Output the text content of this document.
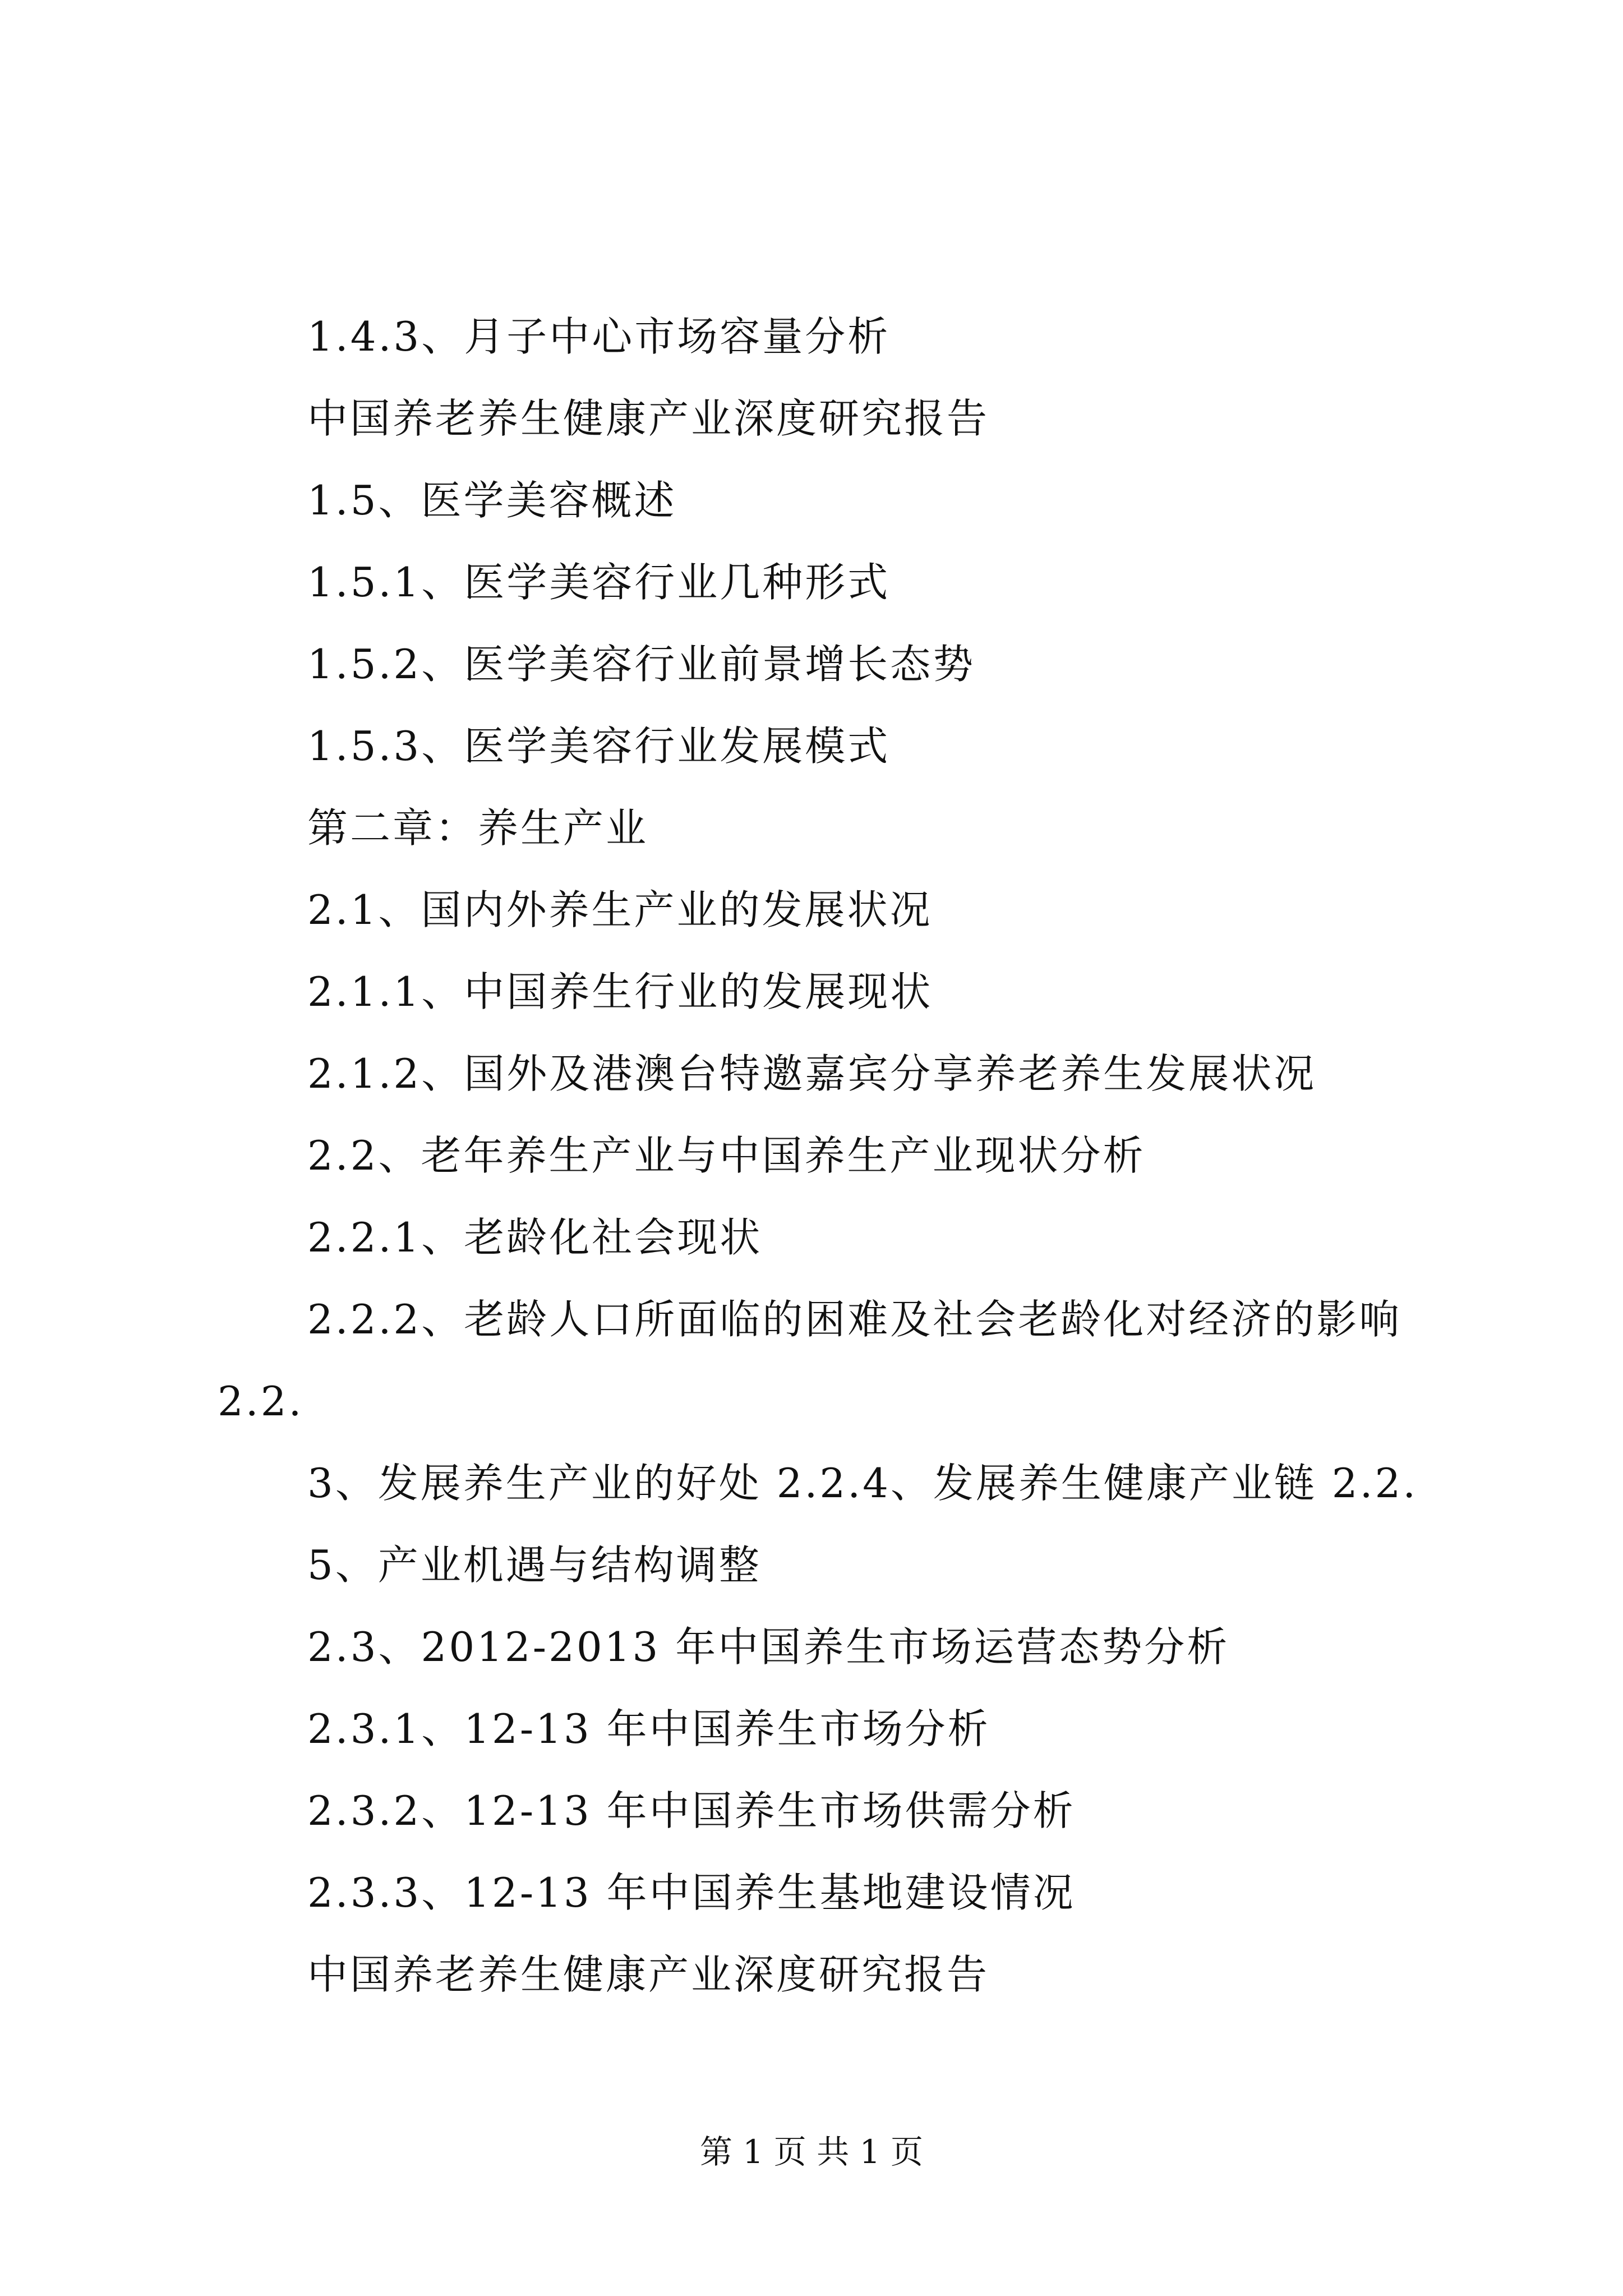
1.4.3、月子中心市场容量分析
中国养老养生健康产业深度研究报告
1.5、医学美容概述
1.5.1、医学美容行业几种形式
1.5.2、医学美容行业前景增长态势
1.5.3、医学美容行业发展模式
第二章：养生产业
2.1、国内外养生产业的发展状况
2.1.1、中国养生行业的发展现状
2.1.2、国外及港澳台特邀嘉宾分享养老养生发展状况
2.2、老年养生产业与中国养生产业现状分析
2.2.1、老龄化社会现状
2.2.2、老龄人口所面临的困难及社会老龄化对经济的影响
2.2.
3、发展养生产业的好处 2.2.4、发展养生健康产业链 2.2.
5、产业机遇与结构调整
2.3、2012-2013 年中国养生市场运营态势分析
2.3.1、12-13 年中国养生市场分析
2.3.2、12-13 年中国养生市场供需分析
2.3.3、12-13 年中国养生基地建设情况
中国养老养生健康产业深度研究报告
第 1 页 共 1 页
